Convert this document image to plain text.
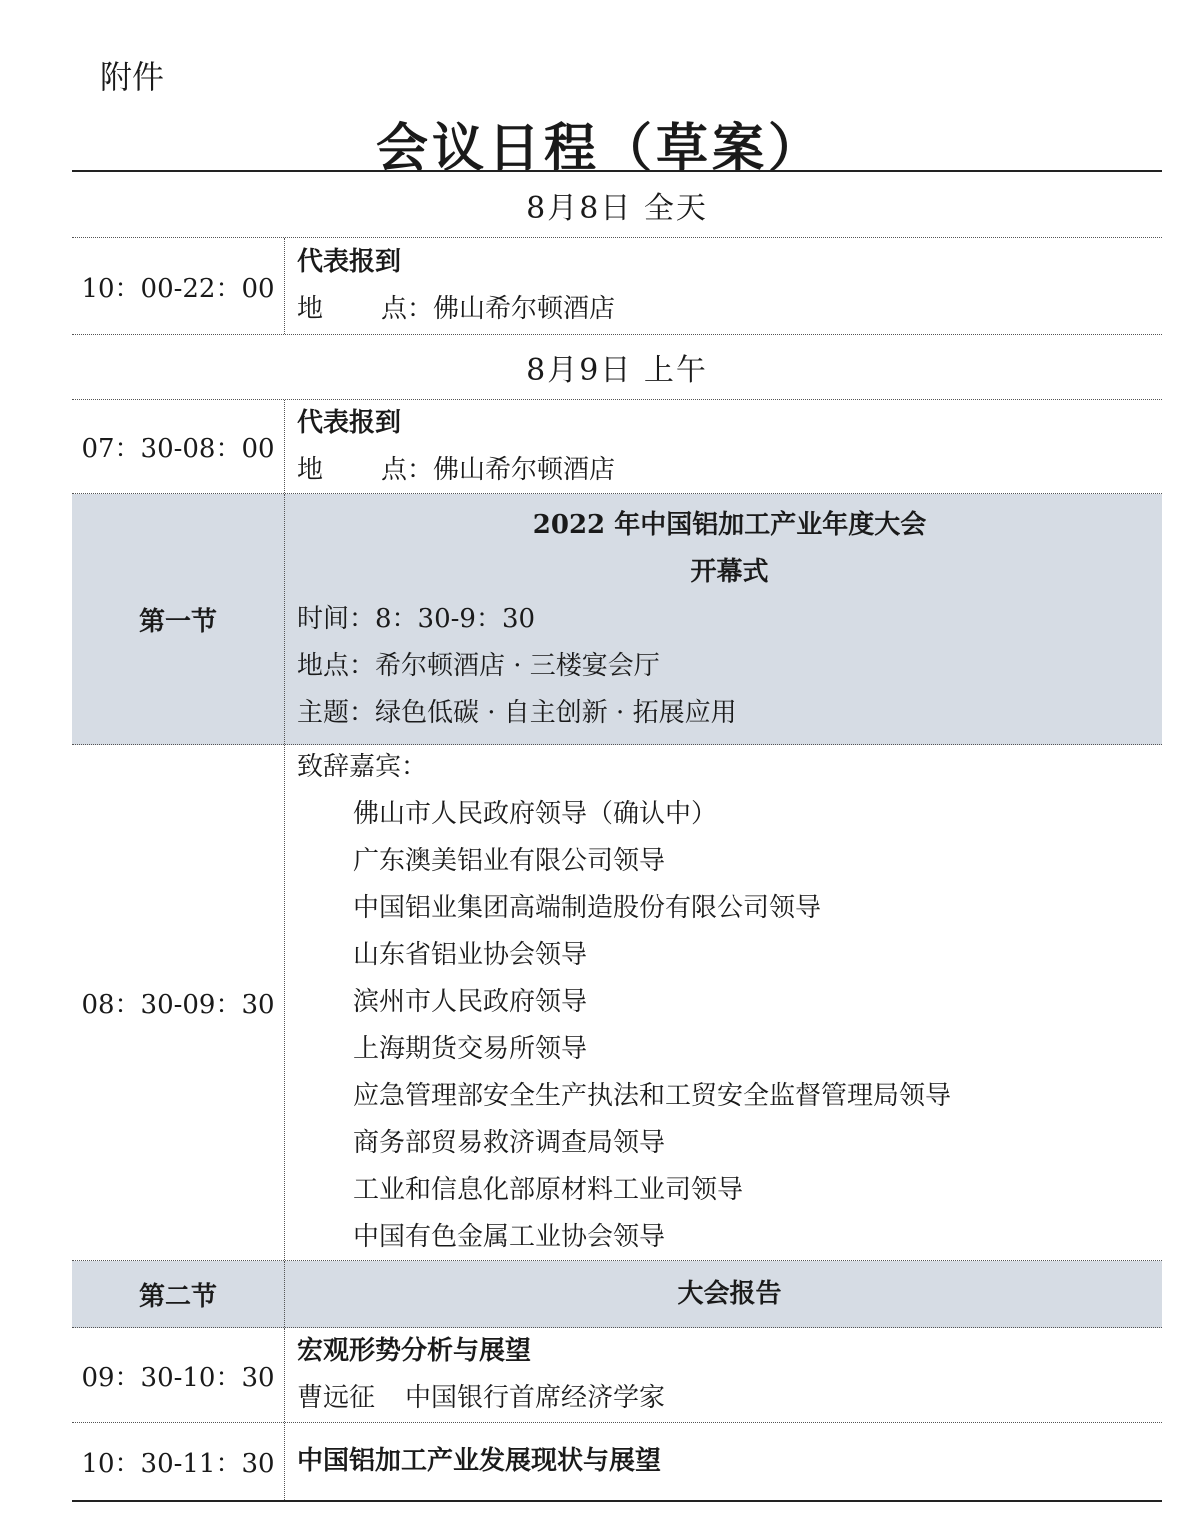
附件
会议日程（草案）
8月8日 全天
10：00-22：00
代表报到
地 点：佛山希尔顿酒店
8月9日 上午
07：30-08：00
代表报到
地 点：佛山希尔顿酒店
第一节
2022 年中国铝加工产业年度大会
开幕式
时间：8：30-9：30
地点：希尔顿酒店 · 三楼宴会厅
主题：绿色低碳 · 自主创新 · 拓展应用
08：30-09：30
致辞嘉宾：
佛山市人民政府领导（确认中）
广东澳美铝业有限公司领导
中国铝业集团高端制造股份有限公司领导
山东省铝业协会领导
滨州市人民政府领导
上海期货交易所领导
应急管理部安全生产执法和工贸安全监督管理局领导
商务部贸易救济调查局领导
工业和信息化部原材料工业司领导
中国有色金属工业协会领导
第二节	大会报告
09：30-10：30
宏观形势分析与展望
曹远征 中国银行首席经济学家
10：30-11：30 中国铝加工产业发展现状与展望
